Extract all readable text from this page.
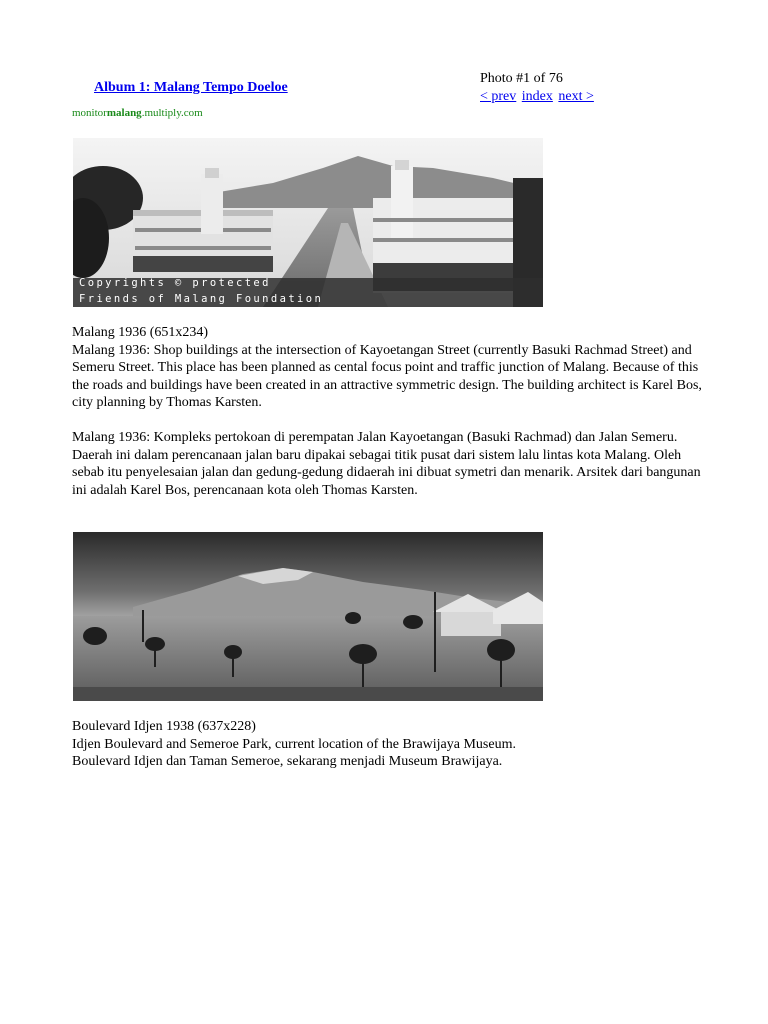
Album 1: Malang Tempo Doeloe
Photo #1 of 76
< prev index next >
monitormalang.multiply.com
Copyrights © protected
Friends of Malang Foundation
Malang 1936 (651x234)
Malang 1936: Shop buildings at the intersection of Kayoetangan Street (currently Basuki Rachmad Street) and Semeru Street. This place has been planned as cental focus point and traffic junction of Malang. Because of this the roads and buildings have been created in an attractive symmetric design. The building architect is Karel Bos, city planning by Thomas Karsten.
Malang 1936: Kompleks pertokoan di perempatan Jalan Kayoetangan (Basuki Rachmad) dan Jalan Semeru. Daerah ini dalam perencanaan jalan baru dipakai sebagai titik pusat dari sistem lalu lintas kota Malang. Oleh sebab itu penyelesaian jalan dan gedung-gedung didaerah ini dibuat symetri dan menarik. Arsitek dari bangunan ini adalah Karel Bos, perencanaan kota oleh Thomas Karsten.
Boulevard Idjen 1938 (637x228)
Idjen Boulevard and Semeroe Park, current location of the Brawijaya Museum.
Boulevard Idjen dan Taman Semeroe, sekarang menjadi Museum Brawijaya.
